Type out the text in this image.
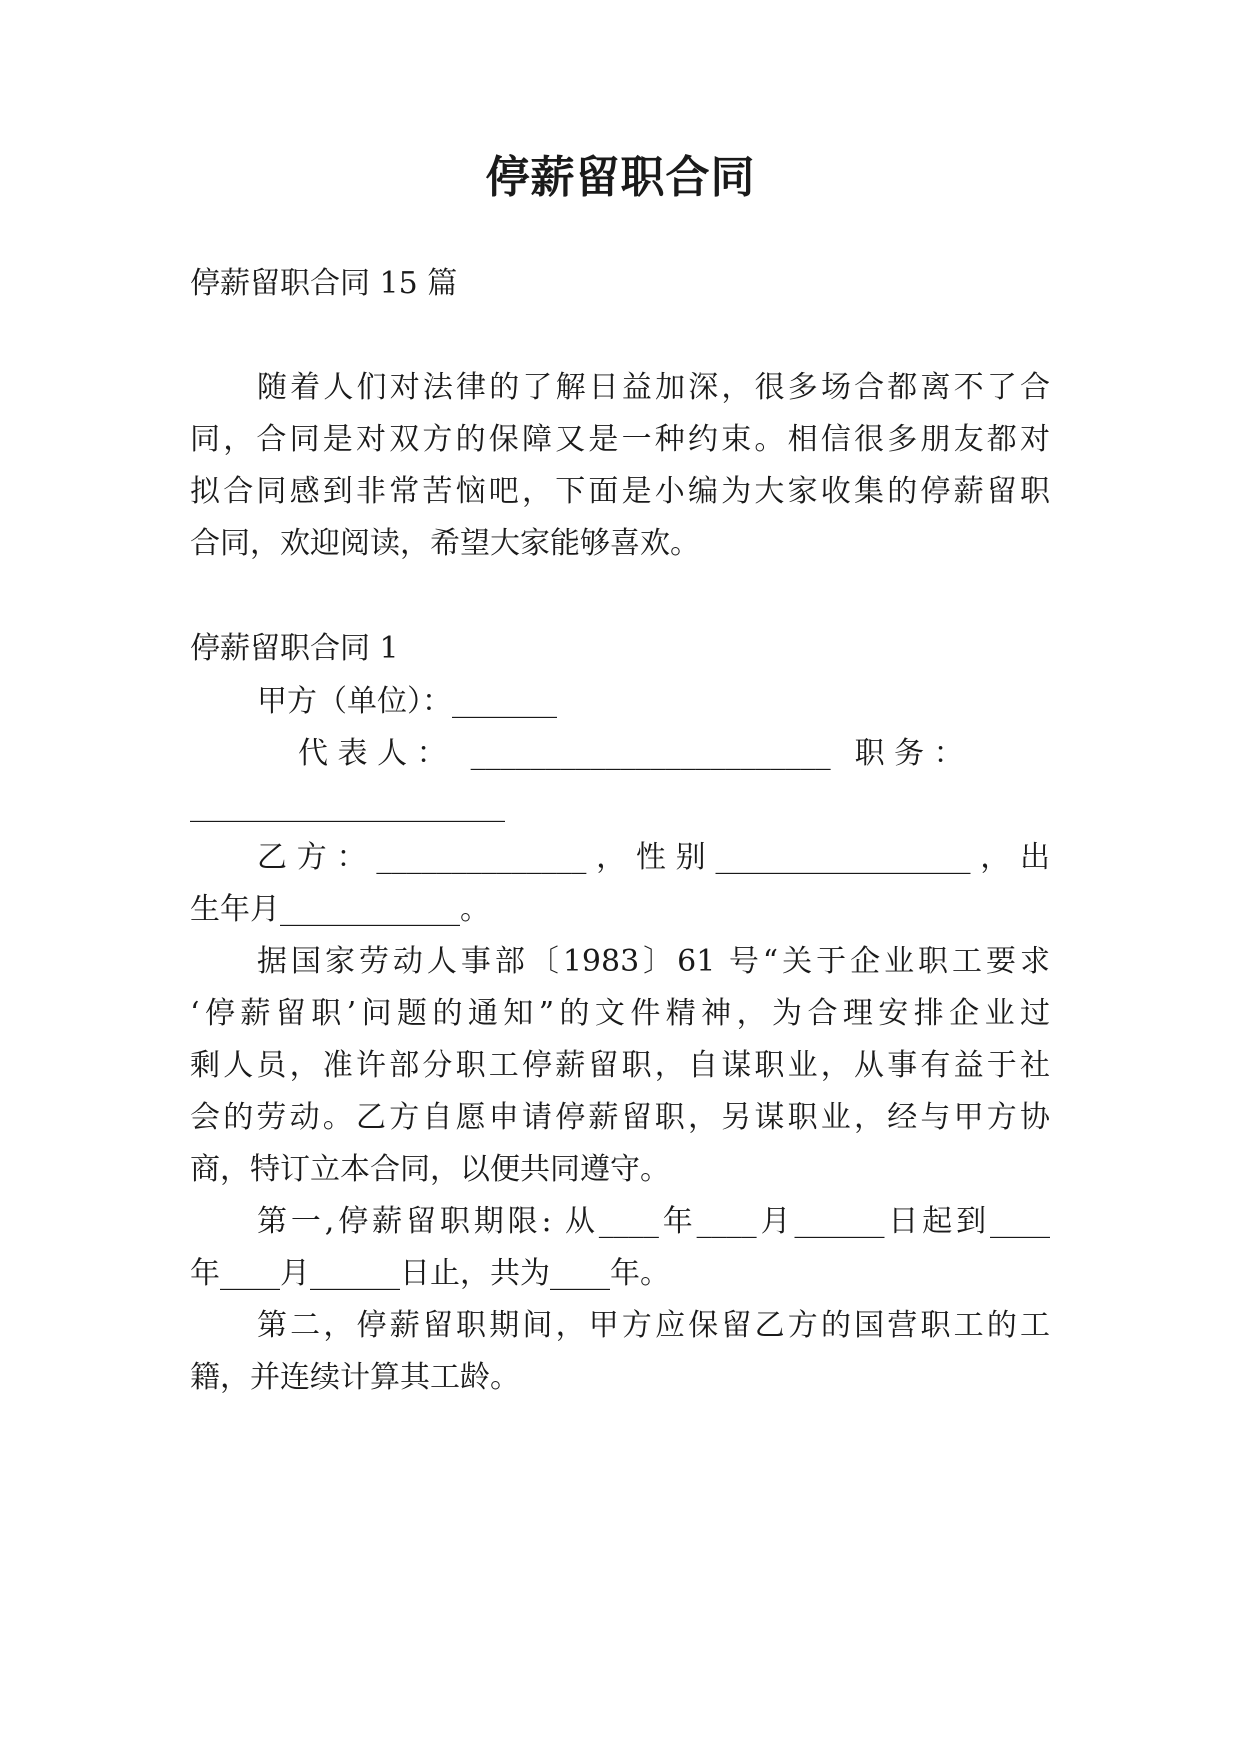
停薪留职合同
停薪留职合同 15 篇
随着人们对法律的了解日益加深，很多场合都离不了合
同，合同是对双方的保障又是一种约束。相信很多朋友都对
拟合同感到非常苦恼吧，下面是小编为大家收集的停薪留职
合同，欢迎阅读，希望大家能够喜欢。
停薪留职合同 1
甲方（单位）：_______
代 表 人 ： ________________________ 职 务 ：
_____________________
乙方：______________，性别_________________，出
生年月____________。
据国家劳动人事部〔1983〕61 号“关于企业职工要求
‘停薪留职’问题的通知”的文件精神，为合理安排企业过
剩人员，准许部分职工停薪留职，自谋职业，从事有益于社
会的劳动。乙方自愿申请停薪留职，另谋职业，经与甲方协
商，特订立本合同，以便共同遵守。
第一,停薪留职期限: 从____年____月______日起到____
年____月______日止，共为____年。
第二，停薪留职期间，甲方应保留乙方的国营职工的工
籍，并连续计算其工龄。
